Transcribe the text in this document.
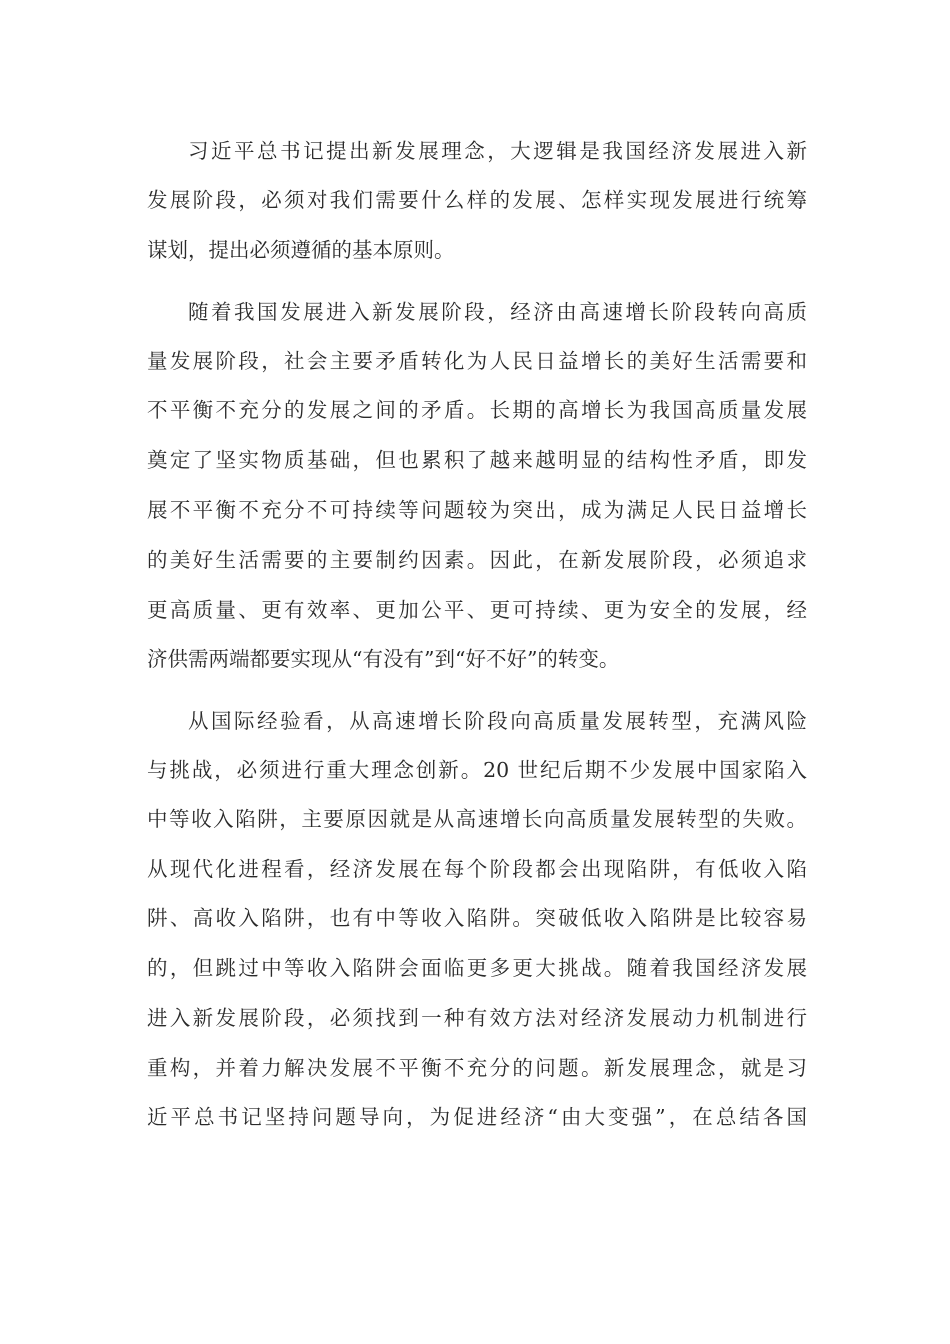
习近平总书记提出新发展理念，大逻辑是我国经济发展进入新
发展阶段，必须对我们需要什么样的发展、怎样实现发展进行统筹
谋划，提出必须遵循的基本原则。
随着我国发展进入新发展阶段，经济由高速增长阶段转向高质
量发展阶段，社会主要矛盾转化为人民日益增长的美好生活需要和
不平衡不充分的发展之间的矛盾。长期的高增长为我国高质量发展
奠定了坚实物质基础，但也累积了越来越明显的结构性矛盾，即发
展不平衡不充分不可持续等问题较为突出，成为满足人民日益增长
的美好生活需要的主要制约因素。因此，在新发展阶段，必须追求
更高质量、更有效率、更加公平、更可持续、更为安全的发展，经
济供需两端都要实现从“有没有”到“好不好”的转变。
从国际经验看，从高速增长阶段向高质量发展转型，充满风险
与挑战，必须进行重大理念创新。20 世纪后期不少发展中国家陷入
中等收入陷阱，主要原因就是从高速增长向高质量发展转型的失败。
从现代化进程看，经济发展在每个阶段都会出现陷阱，有低收入陷
阱、高收入陷阱，也有中等收入陷阱。突破低收入陷阱是比较容易
的，但跳过中等收入陷阱会面临更多更大挑战。随着我国经济发展
进入新发展阶段，必须找到一种有效方法对经济发展动力机制进行
重构，并着力解决发展不平衡不充分的问题。新发展理念，就是习
近平总书记坚持问题导向，为促进经济“由大变强”，在总结各国
